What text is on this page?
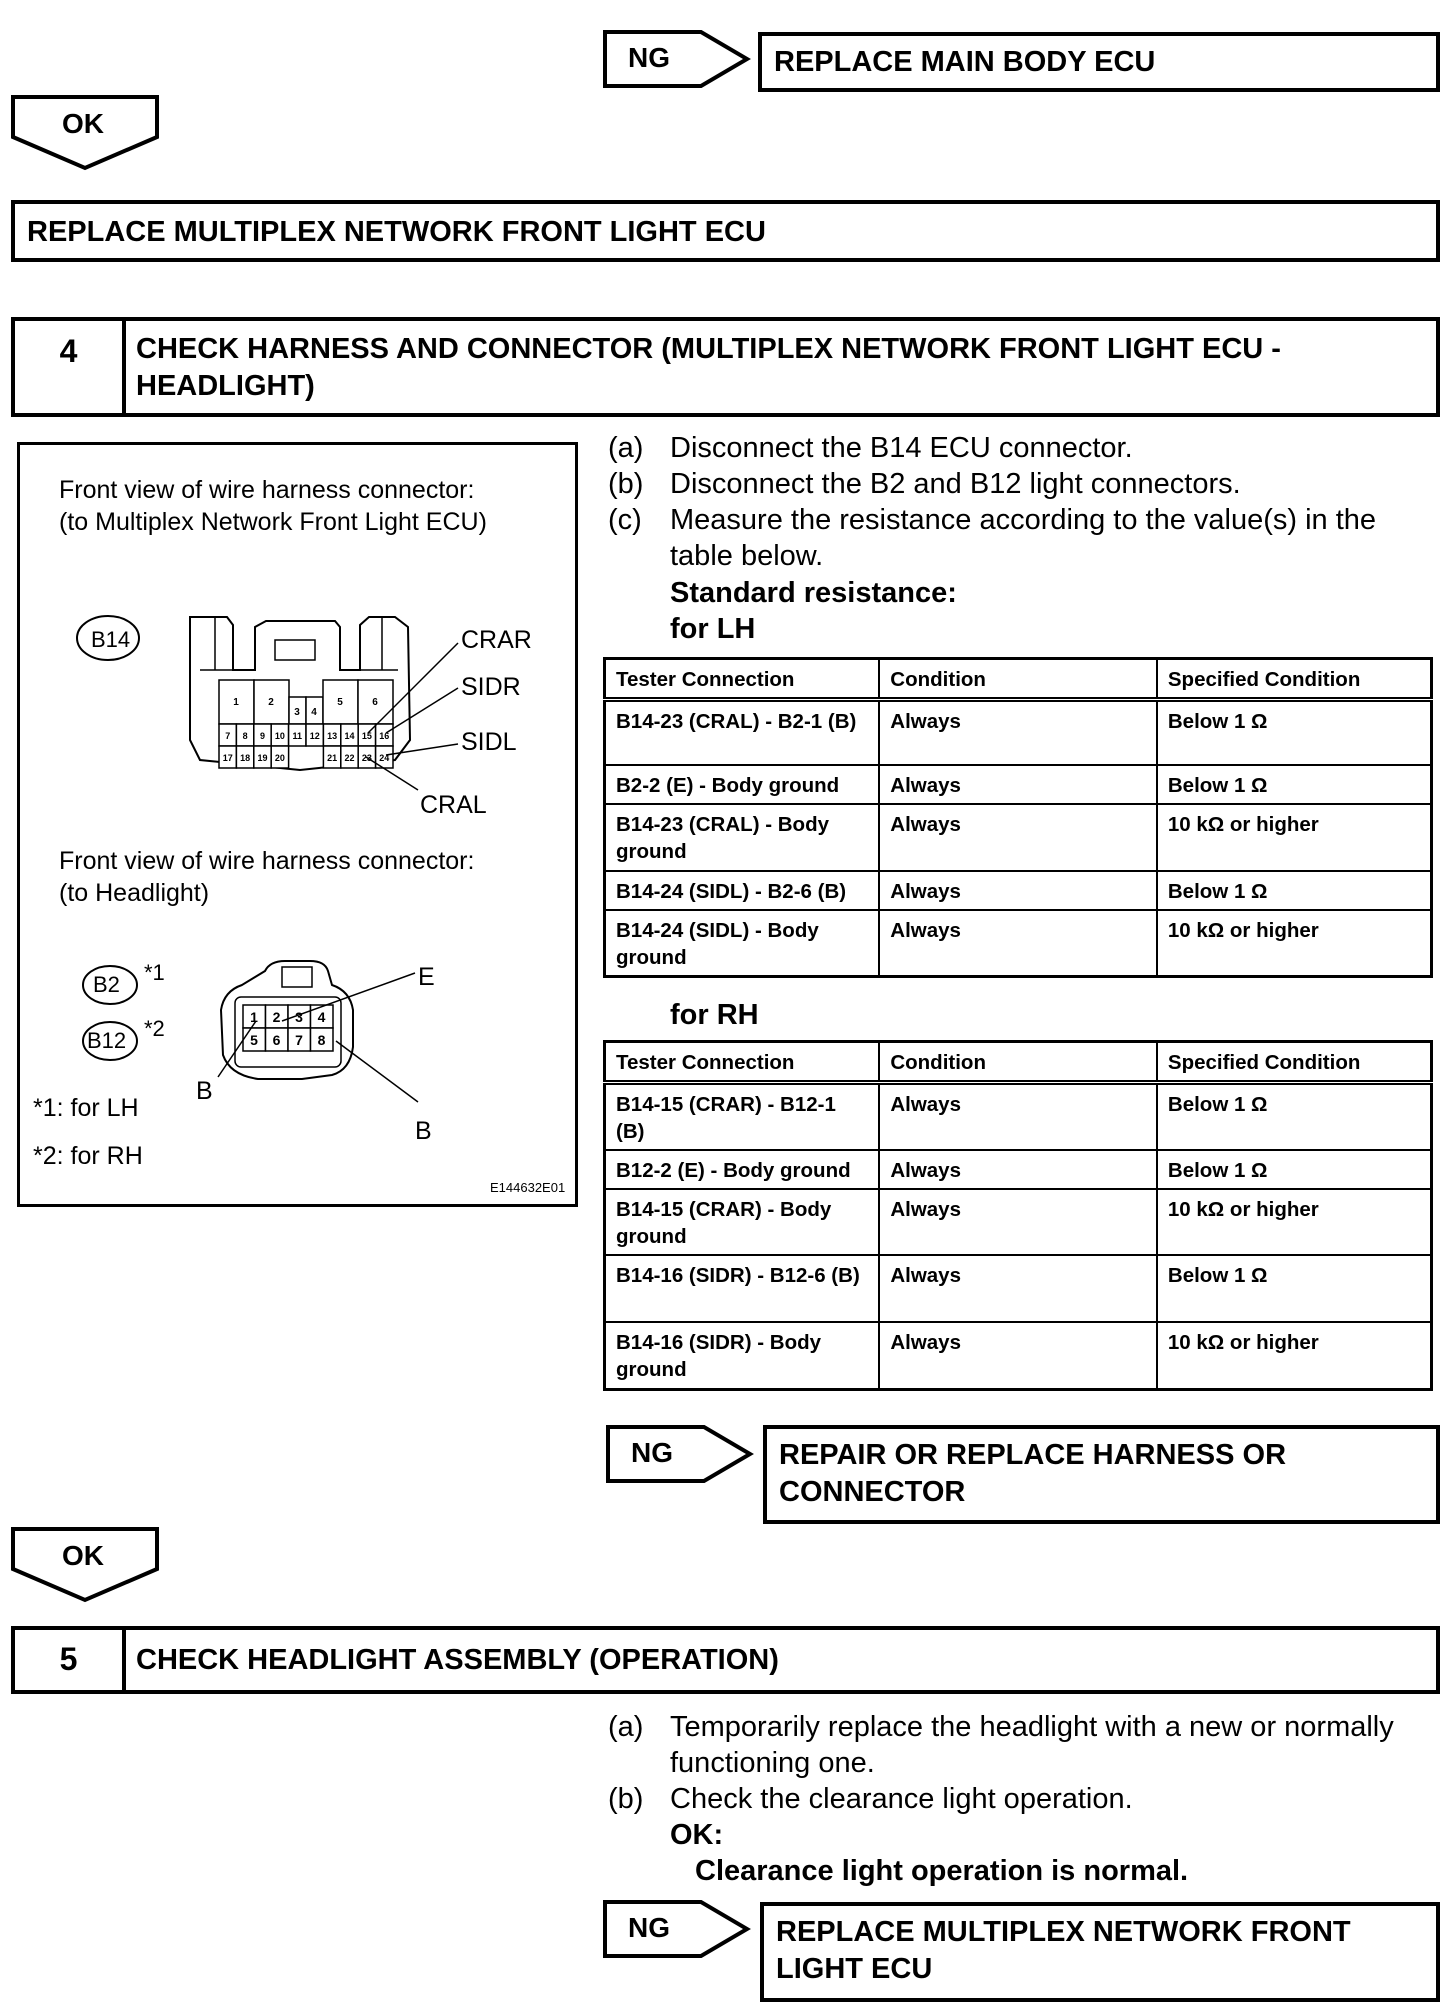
NG	REPLACE MAIN BODY ECU
OK
REPLACE MULTIPLEX NETWORK FRONT LIGHT ECU
4	CHECK HARNESS AND CONNECTOR (MULTIPLEX NETWORK FRONT LIGHT ECU - HEADLIGHT)
Front view of wire harness connector:
(to Multiplex Network Front Light ECU)
1	2
3 4
5	6
7 8 9 10 11 12 13 14 15 16
17 18 19 20	21 22 23 24
B14	CRAR
SIDR
SIDL
CRAL
Front view of wire harness connector:
(to Headlight)
1 2 3 4
5 6 7 8
B2 *1
B12 *2
E
B
B
*1: for LH
*2: for RH
E144632E01
(a) Disconnect the B14 ECU connector.
(b) Disconnect the B2 and B12 light connectors.
(c) Measure the resistance according to the value(s) in the
table below.
Standard resistance:
for LH
Tester Connection	Condition	Specified Condition
B14-23 (CRAL) - B2-1 (B)	Always	Below 1 Ω
B2-2 (E) - Body ground	Always	Below 1 Ω
B14-23 (CRAL) - Body ground	Always	10 kΩ or higher
B14-24 (SIDL) - B2-6 (B)	Always	Below 1 Ω
B14-24 (SIDL) - Body ground	Always	10 kΩ or higher
for RH
Tester Connection	Condition	Specified Condition
B14-15 (CRAR) - B12-1 (B)	Always	Below 1 Ω
B12-2 (E) - Body ground	Always	Below 1 Ω
B14-15 (CRAR) - Body ground	Always	10 kΩ or higher
B14-16 (SIDR) - B12-6 (B)	Always	Below 1 Ω
B14-16 (SIDR) - Body ground	Always	10 kΩ or higher
NG	REPAIR OR REPLACE HARNESS OR
CONNECTOR
OK
5	CHECK HEADLIGHT ASSEMBLY (OPERATION)
(a) Temporarily replace the headlight with a new or normally
functioning one.
(b) Check the clearance light operation.
OK:
Clearance light operation is normal.
NG	REPLACE MULTIPLEX NETWORK FRONT
LIGHT ECU
